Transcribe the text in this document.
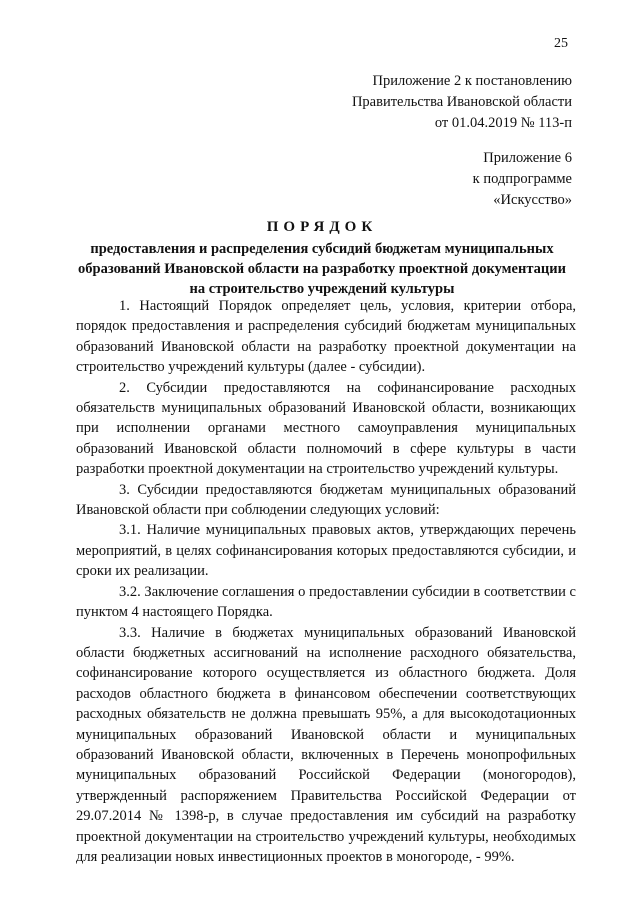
25
Приложение 2 к постановлению
Правительства Ивановской области
от 01.04.2019 № 113-п
Приложение 6
к подпрограмме
«Искусство»
ПОРЯДОК
предоставления и распределения субсидий бюджетам муниципальных образований Ивановской области на разработку проектной документации на строительство учреждений культуры

1. Настоящий Порядок определяет цель, условия, критерии отбора, порядок предоставления и распределения субсидий бюджетам муниципальных образований Ивановской области на разработку проектной документации на строительство учреждений культуры (далее - субсидии).

2. Субсидии предоставляются на софинансирование расходных обязательств муниципальных образований Ивановской области, возникающих при исполнении органами местного самоуправления муниципальных образований Ивановской области полномочий в сфере культуры в части разработки проектной документации на строительство учреждений культуры.

3. Субсидии предоставляются бюджетам муниципальных образований Ивановской области при соблюдении следующих условий:

3.1. Наличие муниципальных правовых актов, утверждающих перечень мероприятий, в целях софинансирования которых предоставляются субсидии, и сроки их реализации.

3.2. Заключение соглашения о предоставлении субсидии в соответствии с пунктом 4 настоящего Порядка.

3.3. Наличие в бюджетах муниципальных образований Ивановской области бюджетных ассигнований на исполнение расходного обязательства, софинансирование которого осуществляется из областного бюджета. Доля расходов областного бюджета в финансовом обеспечении соответствующих расходных обязательств не должна превышать 95%, а для высокодотационных муниципальных образований Ивановской области и муниципальных образований Ивановской области, включенных в Перечень монопрофильных муниципальных образований Российской Федерации (моногородов), утвержденный распоряжением Правительства Российской Федерации от 29.07.2014 № 1398-р, в случае предоставления им субсидий на разработку проектной документации на строительство учреждений культуры, необходимых для реализации новых инвестиционных проектов в моногороде, - 99%.
